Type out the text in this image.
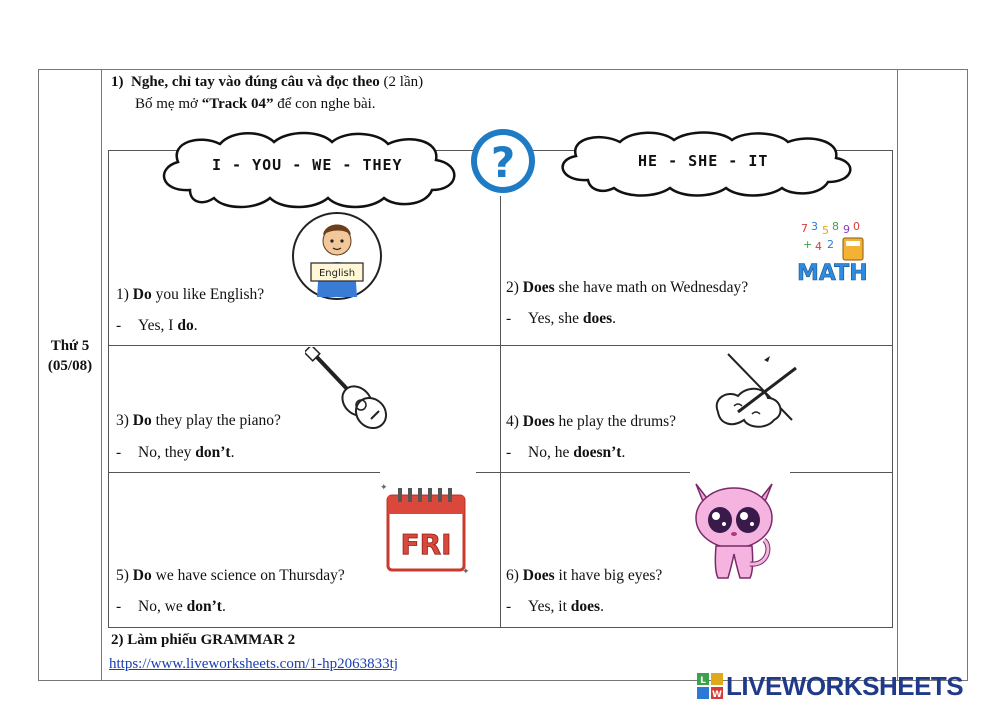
Thứ 5
(05/08)
1) Nghe, chỉ tay vào đúng câu và đọc theo (2 lần)
Bố mẹ mở “Track 04” để con nghe bài.
I - YOU - WE - THEY	HE - SHE - IT
?
English
1) Do you like English?
- Yes, I do.
7 3 5 8 9 0
+ 4 2
MATH
2) Does she have math on Wednesday?
- Yes, she does.
3) Do they play the piano?
- No, they don’t.
4) Does he play the drums?
- No, he doesn’t.
FRI
✦
✦
5) Do we have science on Thursday?
- No, we don’t.
6) Does it have big eyes?
- Yes, it does.
2) Làm phiếu GRAMMAR 2
https://www.liveworksheets.com/1-hp2063833tj
L
W LIVEWORKSHEETS
